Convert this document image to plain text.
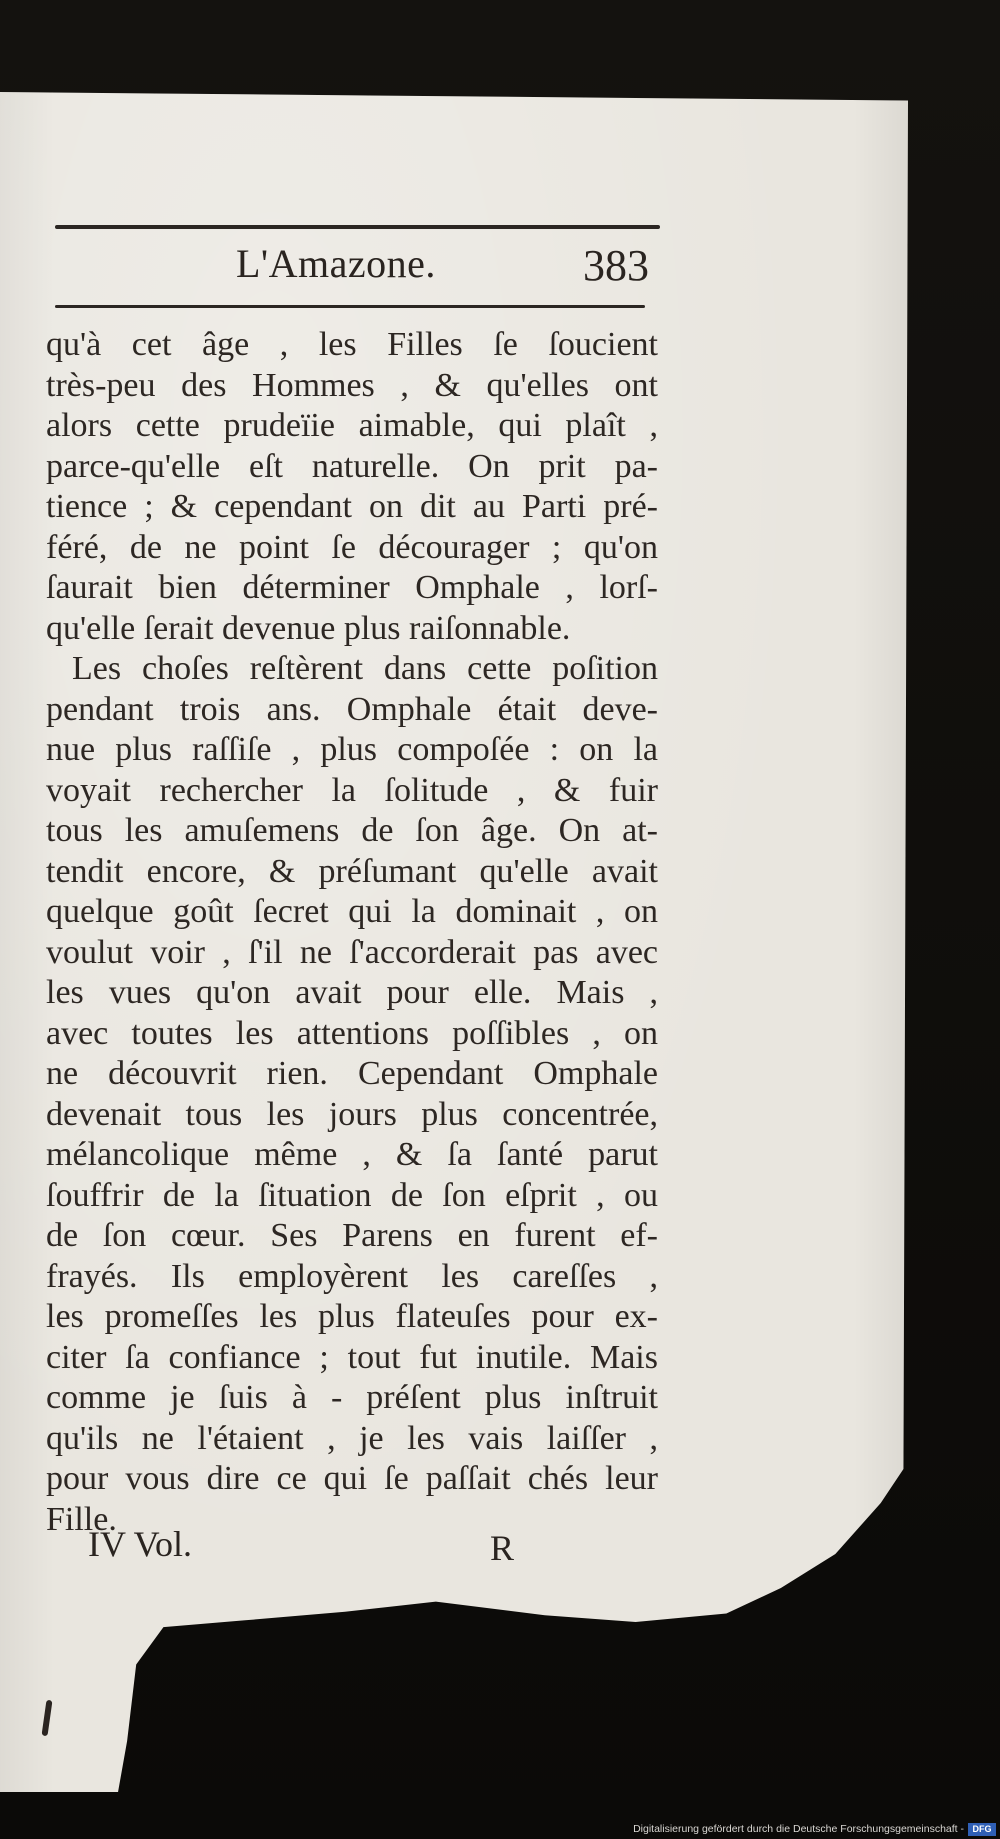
L'Amazone.	383
qu'à cet âge , les Filles ſe ſoucient
très-peu des Hommes , & qu'elles ont
alors cette prudeïie aimable, qui plaît ,
parce-qu'elle eſt naturelle. On prit pa-
tience ; & cependant on dit au Parti pré-
féré, de ne point ſe décourager ; qu'on
ſaurait bien déterminer Omphale , lorſ-
qu'elle ſerait devenue plus raiſonnable.
Les choſes reſtèrent dans cette poſition
pendant trois ans. Omphale était deve-
nue plus raſſiſe , plus compoſée : on la
voyait rechercher la ſolitude , & fuir
tous les amuſemens de ſon âge. On at-
tendit encore, & préſumant qu'elle avait
quelque goût ſecret qui la dominait , on
voulut voir , ſ'il ne ſ'accorderait pas avec
les vues qu'on avait pour elle. Mais ,
avec toutes les attentions poſſibles , on
ne découvrit rien. Cependant Omphale
devenait tous les jours plus concentrée,
mélancolique même , & ſa ſanté parut
ſouffrir de la ſituation de ſon eſprit , ou
de ſon cœur. Ses Parens en furent ef-
frayés. Ils employèrent les careſſes ,
les promeſſes les plus flateuſes pour ex-
citer ſa confiance ; tout fut inutile. Mais
comme je ſuis à - préſent plus inſtruit
qu'ils ne l'étaient , je les vais laiſſer ,
pour vous dire ce qui ſe paſſait chés leur
Fille.
IV Vol.	R
Digitalisierung gefördert durch die Deutsche Forschungsgemeinschaft - DFG
